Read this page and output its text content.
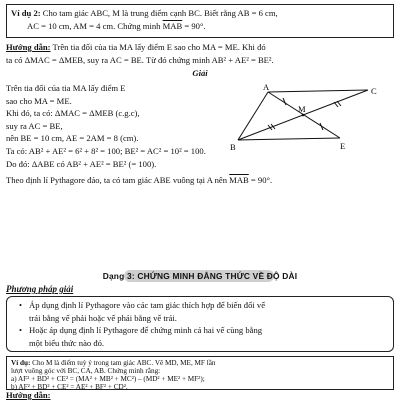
Ví dụ 2: Cho tam giác ABC, M là trung điểm cạnh BC. Biết rằng AB = 6 cm,
AC = 10 cm, AM = 4 cm. Chứng minh $\overline{MAB} = 90^\circ$.
Hướng dẫn: Trên tia đối của tia MA lấy điểm E sao cho MA = ME. Khi đó
ta có ΔMAC = ΔMEB, suy ra AC = BE. Từ đó chứng minh AB² + AE² = BE².
Giải
Trên tia đối của tia MA lấy điểm E
sao cho MA = ME.
Khi đó, ta có: ΔMAC = ΔMEB (c.g.c),
suy ra AC = BE,
nên BE = 10 cm, AE = 2AM = 8 (cm).
Ta có: AB² + AE² = 6² + 8² = 100; BE² = AC² = 10² = 100.
Do đó: ΔABE có AB² + AE² = BE² (= 100).
Theo định lí Pythagore đảo, ta có tam giác ABE vuông tại A nên $\overline{MAB} = 90^\circ$.
A
B
C
M
E
Dạng 3: CHỨNG MINH ĐẲNG THỨC VỀ ĐỘ DÀI
Phương pháp giải
• Áp dụng định lí Pythagore vào các tam giác thích hợp để biến đổi vế
trái bằng vế phải hoặc vế phải bằng vế trái.
• Hoặc áp dụng định lí Pythagore để chứng minh cả hai vế cùng bằng
một biểu thức nào đó.
Ví dụ: Cho M là điểm tuỳ ý trong tam giác ABC. Vẽ MD, ME, MF lần
lượt vuông góc với BC, CA, AB. Chứng minh rằng:
a) AF² + BD² + CE² = (MA² + MB² + MC²) – (MD² + ME² + MF²);
b) AF² + BD² + CE² = AE² + BF² + CD².
Hướng dẫn:
